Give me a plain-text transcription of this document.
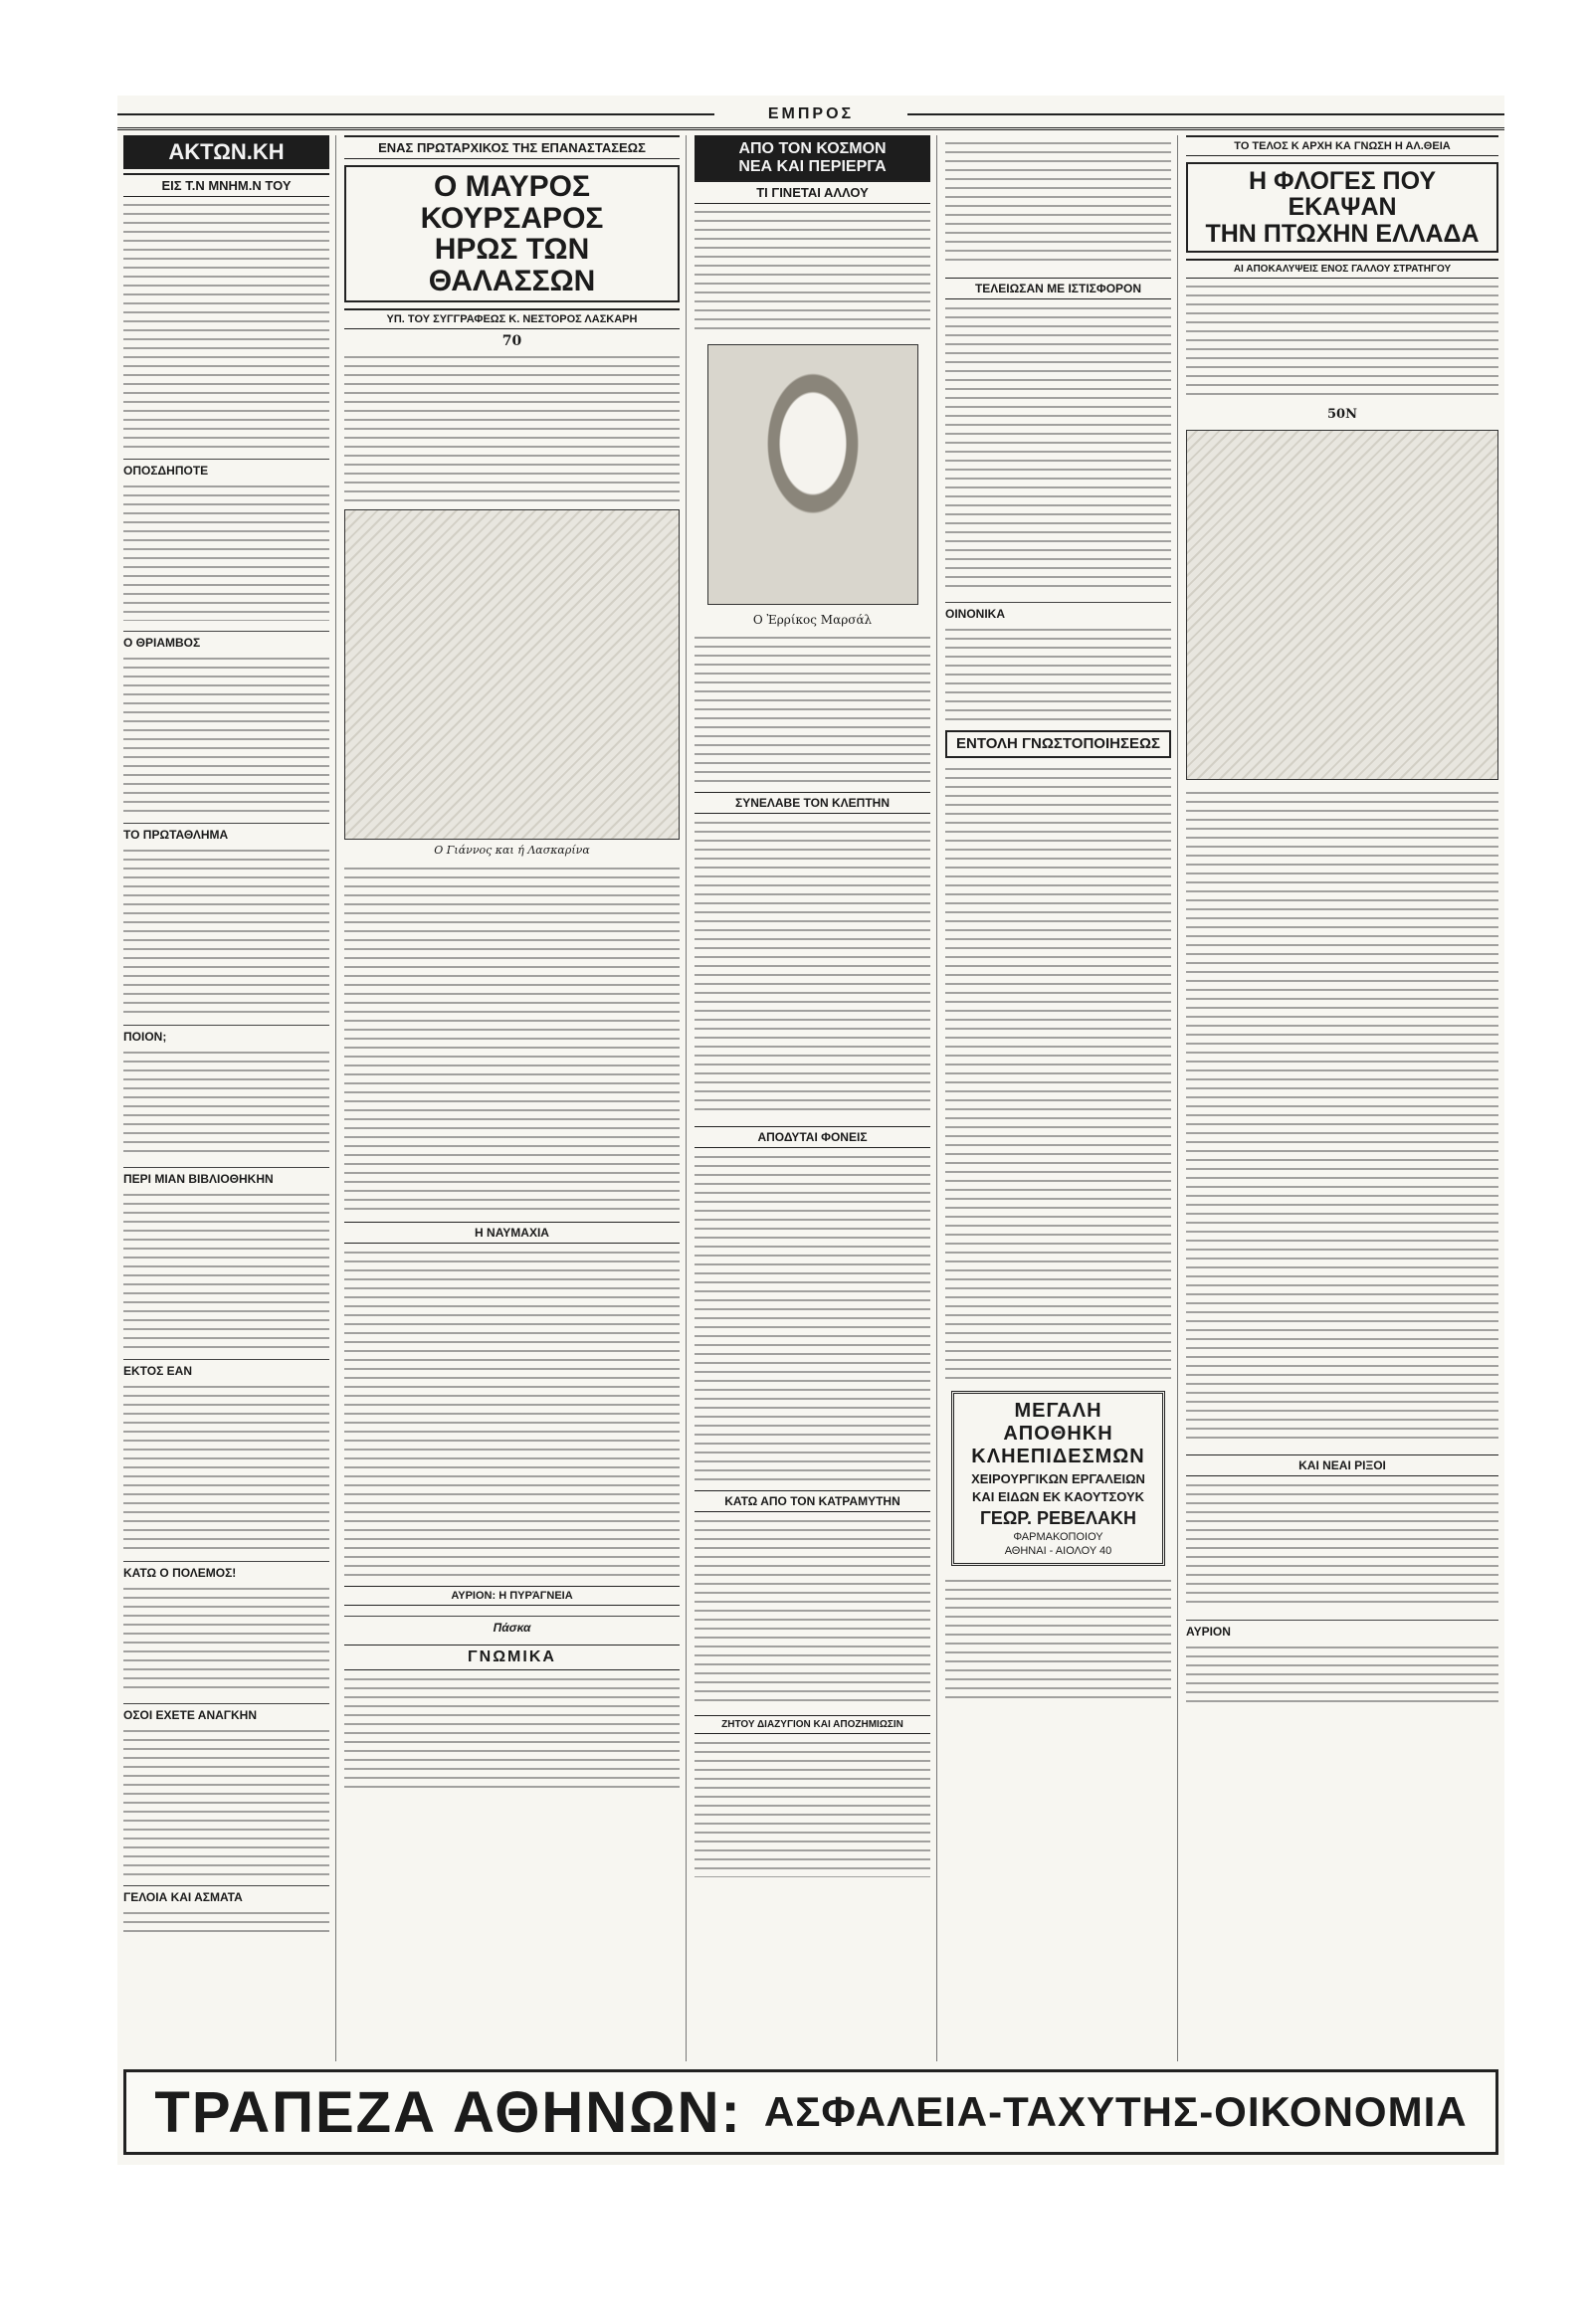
ΕΜΠΡΟΣ
ΑΚΤΩΝ.ΚΗ
ΕΙΣ Τ.Ν ΜΝΗΜ.Ν ΤΟΥ
ΟΠΟΣΔΗΠΟΤΕ
Ο ΘΡΙΑΜΒΟΣ
ΤΟ ΠΡΩΤΑΘΛΗΜΑ
ΠΟΙΟΝ;
ΠΕΡΙ ΜΙΑΝ ΒΙΒΛΙΟΘΗΚΗΝ
ΕΚΤΟΣ ΕΑΝ
ΚΑΤΩ Ο ΠΟΛΕΜΟΣ!
ΟΣΟΙ ΕΧΕΤΕ ΑΝΑΓΚΗΝ
ΓΕΛΟΙΑ ΚΑΙ ΑΣΜΑΤΑ
ΕΝΑΣ ΠΡΩΤΑΡΧΙΚΟΣ ΤΗΣ ΕΠΑΝΑΣΤΑΣΕΩΣ
Ο ΜΑΥΡΟΣ ΚΟΥΡΣΑΡΟΣ
ΗΡΩΣ ΤΩΝ ΘΑΛΑΣΣΩΝ
ΥΠ. ΤΟΥ ΣΥΓΓΡΑΦΕΩΣ Κ. ΝΕΣΤΟΡΟΣ ΛΑΣΚΑΡΗ
70
Ο Γιάννος και ή Λασκαρίνα
Η ΝΑΥΜΑΧΙΑ
ΑΥΡΙΟΝ: Η ΠΥΡΆΓΝΕΙΑ
Πάσκα
ΓΝΩΜΙΚΑ
ΑΠΟ ΤΟΝ ΚΟΣΜΟΝ
ΝΕΑ ΚΑΙ ΠΕΡΙΕΡΓΑ
ΤΙ ΓΙΝΕΤΑΙ ΑΛΛΟΥ
Ο Ἐρρίκος Μαρσάλ
ΣΥΝΕΛΑΒΕ ΤΟΝ ΚΛΕΠΤΗΝ
ΑΠΟΔΥΤΑΙ ΦΟΝΕΙΣ
ΚΑΤΩ ΑΠΟ ΤΟΝ ΚΑΤΡΑΜΥΤΗΝ
ΖΗΤΟΥ ΔΙΑΖΥΓΙΟΝ ΚΑΙ ΑΠΟΖΗΜΙΩΣΙΝ
ΤΕΛΕΙΩΣΑΝ ΜΕ ΙΣΤΙΣΦΟΡΟΝ
ΟΙΝΟΝΙΚΑ
ΕΝΤΟΛΗ ΓΝΩΣΤΟΠΟΙΗΣΕΩΣ
ΜΕΓΑΛΗ ΑΠΟΘΗΚΗ
ΚΛΗΕΠΙΔΕΣΜΩΝ
ΧΕΙΡΟΥΡΓΙΚΩΝ ΕΡΓΑΛΕΙΩΝ
ΚΑΙ ΕΙΔΩΝ ΕΚ ΚΑΟΥΤΣΟΥΚ
ΓΕΩΡ. ΡΕΒΕΛΑΚΗ
ΦΑΡΜΑΚΟΠΟΙΟΥ
ΑΘΗΝΑΙ - ΑΙΟΛΟΥ 40
ΤΟ ΤΕΛΟΣ Κ ΑΡΧΗ ΚΑ ΓΝΩΣΗ Η ΑΛ.ΘΕΙΑ
Η ΦΛΟΓΕΣ ΠΟΥ ΕΚΑΨΑΝ
ΤΗΝ ΠΤΩΧΗΝ ΕΛΛΑΔΑ
ΑΙ ΑΠΟΚΑΛΥΨΕΙΣ ΕΝΟΣ ΓΑΛΛΟΥ ΣΤΡΑΤΗΓΟΥ
50Ν
ΚΑΙ ΝΕΑΙ ΡΙΞΟΙ
ΑΥΡΙΟΝ
ΤΡΑΠΕΖΑ ΑΘΗΝΩΝ: ΑΣΦΑΛΕΙΑ-ΤΑΧΥΤΗΣ-ΟΙΚΟΝΟΜΙΑ
